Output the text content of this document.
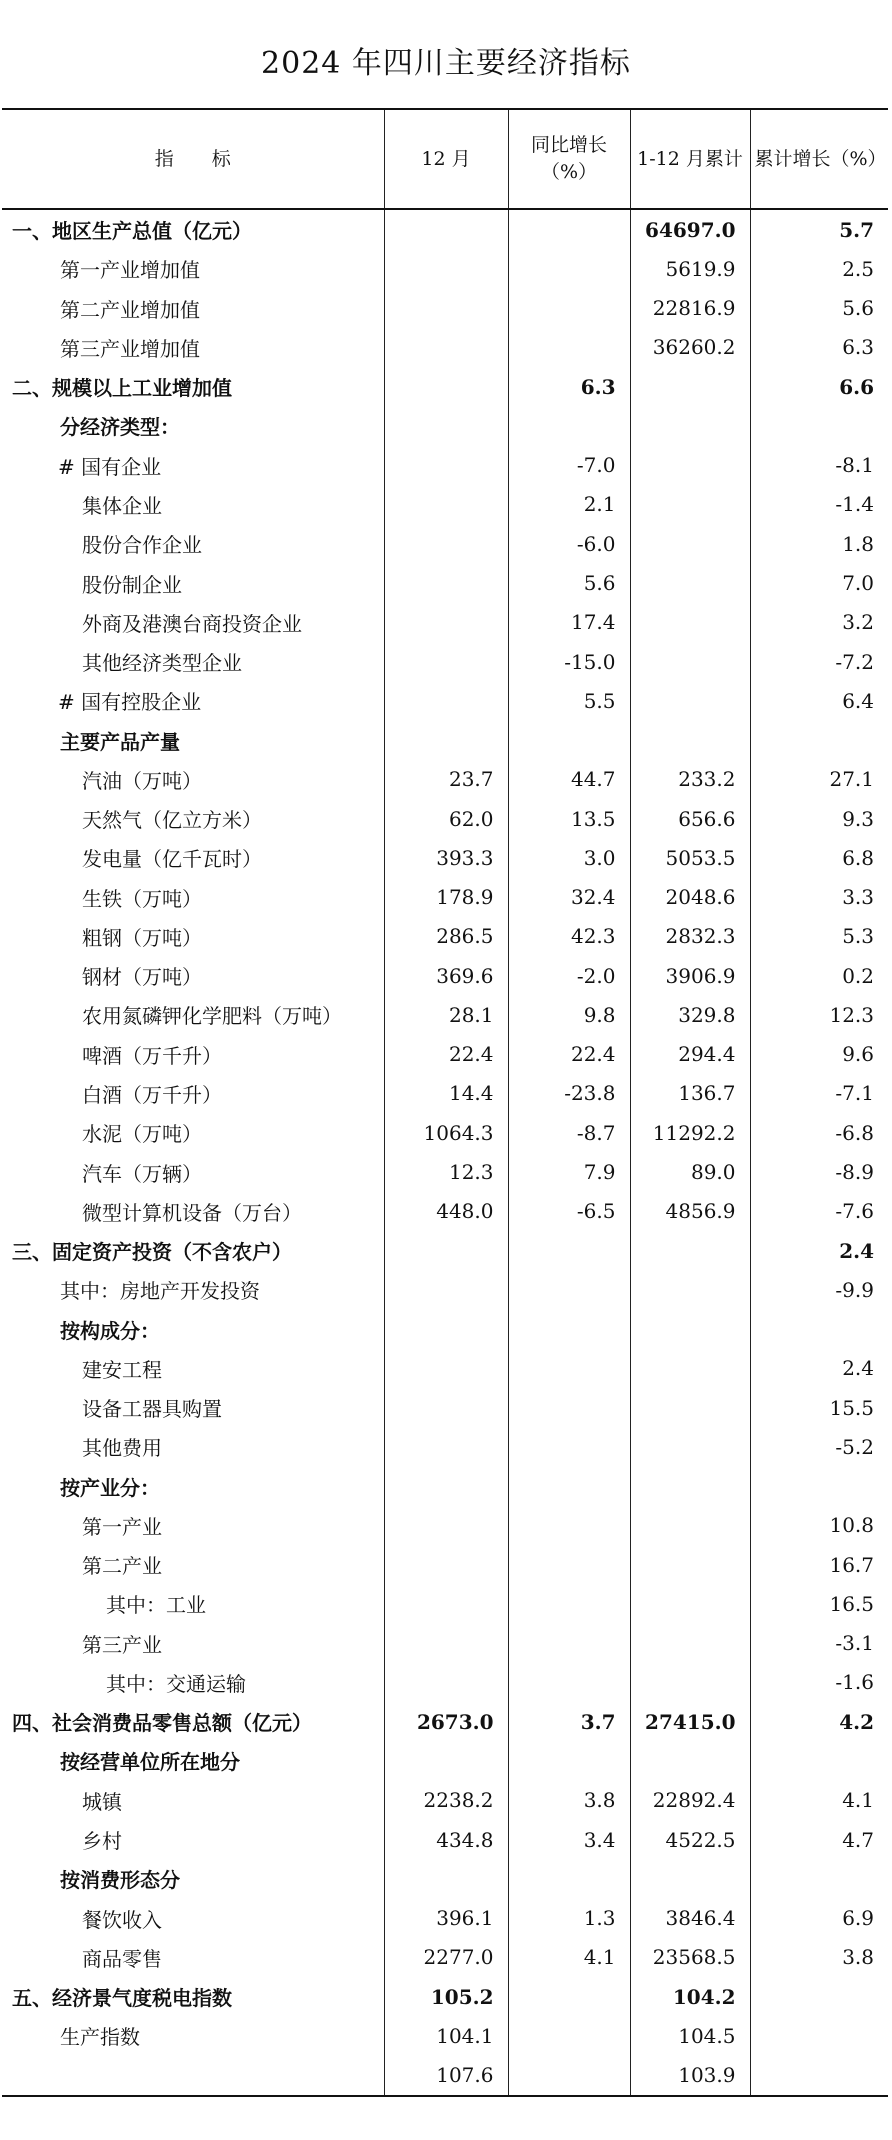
2024 年四川主要经济指标
指　　标	12 月	同比增长（%）	1-12 月累计	累计增长（%）
一、地区生产总值（亿元）			64697.0	5.7
第一产业增加值			5619.9	2.5
第二产业增加值			22816.9	5.6
第三产业增加值			36260.2	6.3
二、规模以上工业增加值		6.3		6.6
分经济类型：				
# 国有企业		-7.0		-8.1
集体企业		2.1		-1.4
股份合作企业		-6.0		1.8
股份制企业		5.6		7.0
外商及港澳台商投资企业		17.4		3.2
其他经济类型企业		-15.0		-7.2
# 国有控股企业		5.5		6.4
主要产品产量				
汽油（万吨）	23.7	44.7	233.2	27.1
天然气（亿立方米）	62.0	13.5	656.6	9.3
发电量（亿千瓦时）	393.3	3.0	5053.5	6.8
生铁（万吨）	178.9	32.4	2048.6	3.3
粗钢（万吨）	286.5	42.3	2832.3	5.3
钢材（万吨）	369.6	-2.0	3906.9	0.2
农用氮磷钾化学肥料（万吨）	28.1	9.8	329.8	12.3
啤酒（万千升）	22.4	22.4	294.4	9.6
白酒（万千升）	14.4	-23.8	136.7	-7.1
水泥（万吨）	1064.3	-8.7	11292.2	-6.8
汽车（万辆）	12.3	7.9	89.0	-8.9
微型计算机设备（万台）	448.0	-6.5	4856.9	-7.6
三、固定资产投资（不含农户）				2.4
其中：房地产开发投资				-9.9
按构成分：				
建安工程				2.4
设备工器具购置				15.5
其他费用				-5.2
按产业分：				
第一产业				10.8
第二产业				16.7
其中：工业				16.5
第三产业				-3.1
其中：交通运输				-1.6
四、社会消费品零售总额（亿元）	2673.0	3.7	27415.0	4.2
按经营单位所在地分				
城镇	2238.2	3.8	22892.4	4.1
乡村	434.8	3.4	4522.5	4.7
按消费形态分				
餐饮收入	396.1	1.3	3846.4	6.9
商品零售	2277.0	4.1	23568.5	3.8
五、经济景气度税电指数	105.2		104.2	
生产指数	104.1		104.5	
	107.6		103.9	
